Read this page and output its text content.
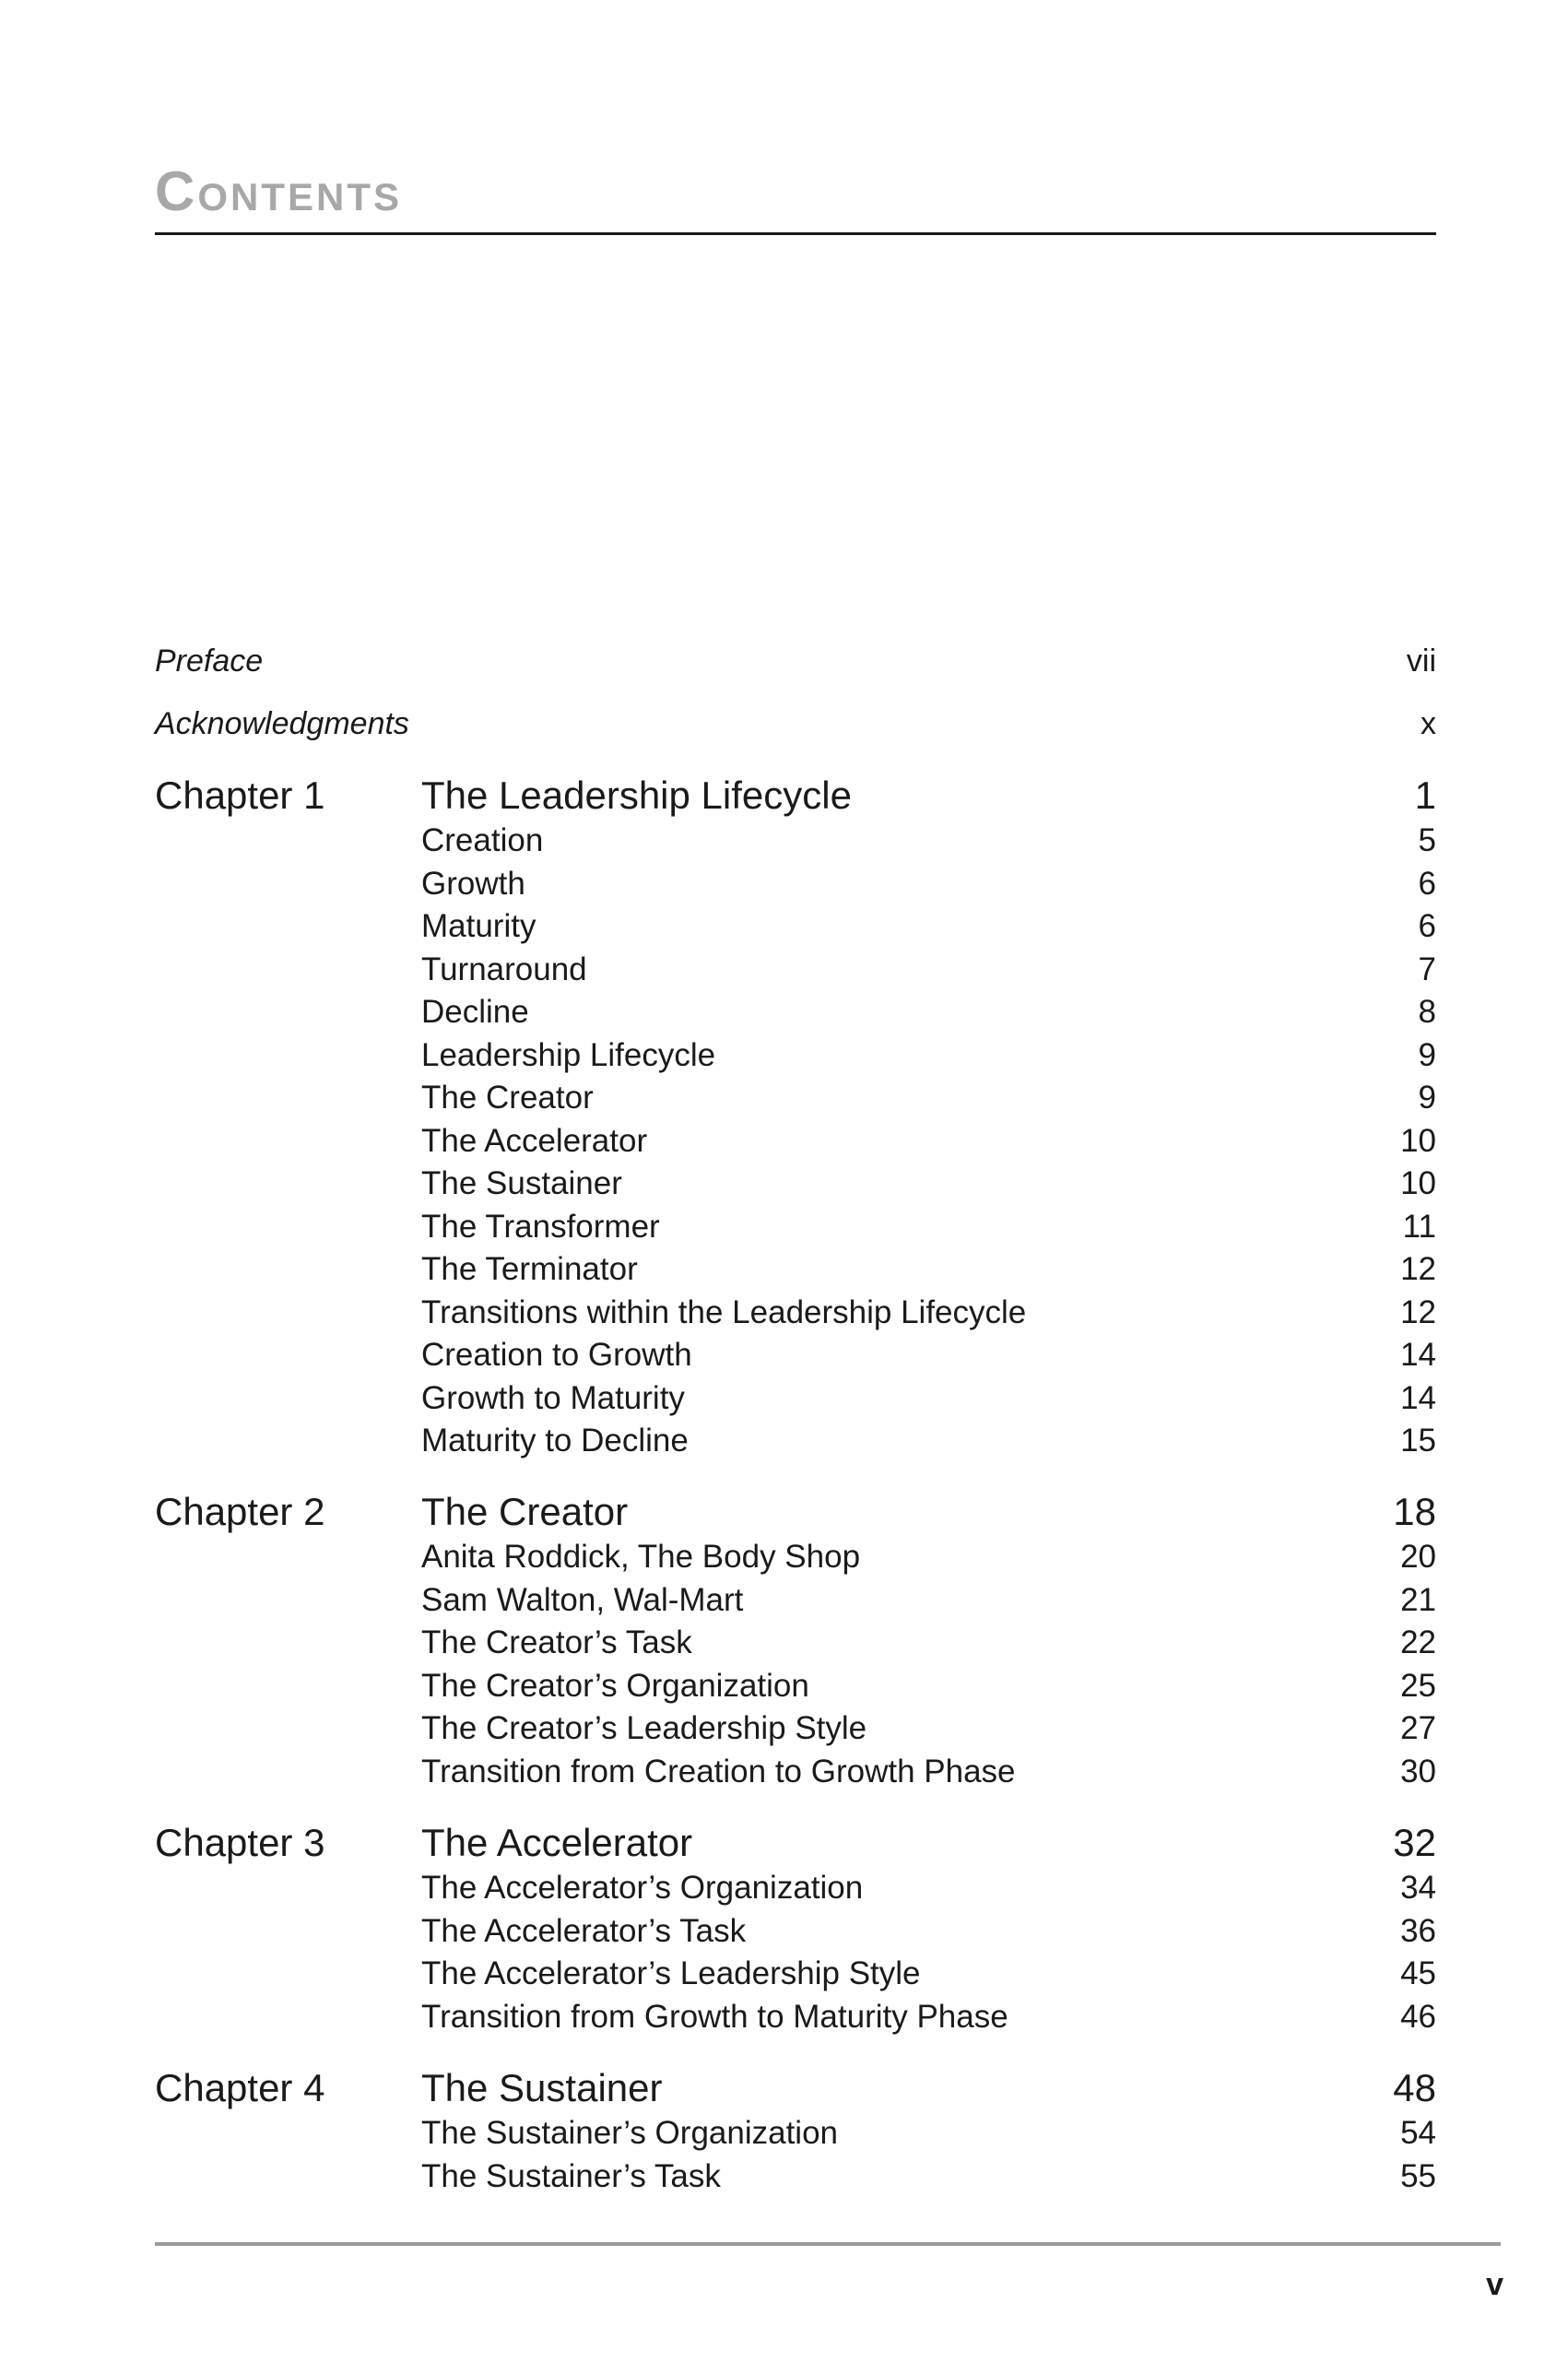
Contents
Preface	vii
Acknowledgments	x
Chapter 1	The Leadership Lifecycle	1
Creation	5
Growth	6
Maturity	6
Turnaround	7
Decline	8
Leadership Lifecycle	9
The Creator	9
The Accelerator	10
The Sustainer	10
The Transformer	11
The Terminator	12
Transitions within the Leadership Lifecycle	12
Creation to Growth	14
Growth to Maturity	14
Maturity to Decline	15
Chapter 2	The Creator	18
Anita Roddick, The Body Shop	20
Sam Walton, Wal-Mart	21
The Creator’s Task	22
The Creator’s Organization	25
The Creator’s Leadership Style	27
Transition from Creation to Growth Phase	30
Chapter 3	The Accelerator	32
The Accelerator’s Organization	34
The Accelerator’s Task	36
The Accelerator’s Leadership Style	45
Transition from Growth to Maturity Phase	46
Chapter 4	The Sustainer	48
The Sustainer’s Organization	54
The Sustainer’s Task	55
v
